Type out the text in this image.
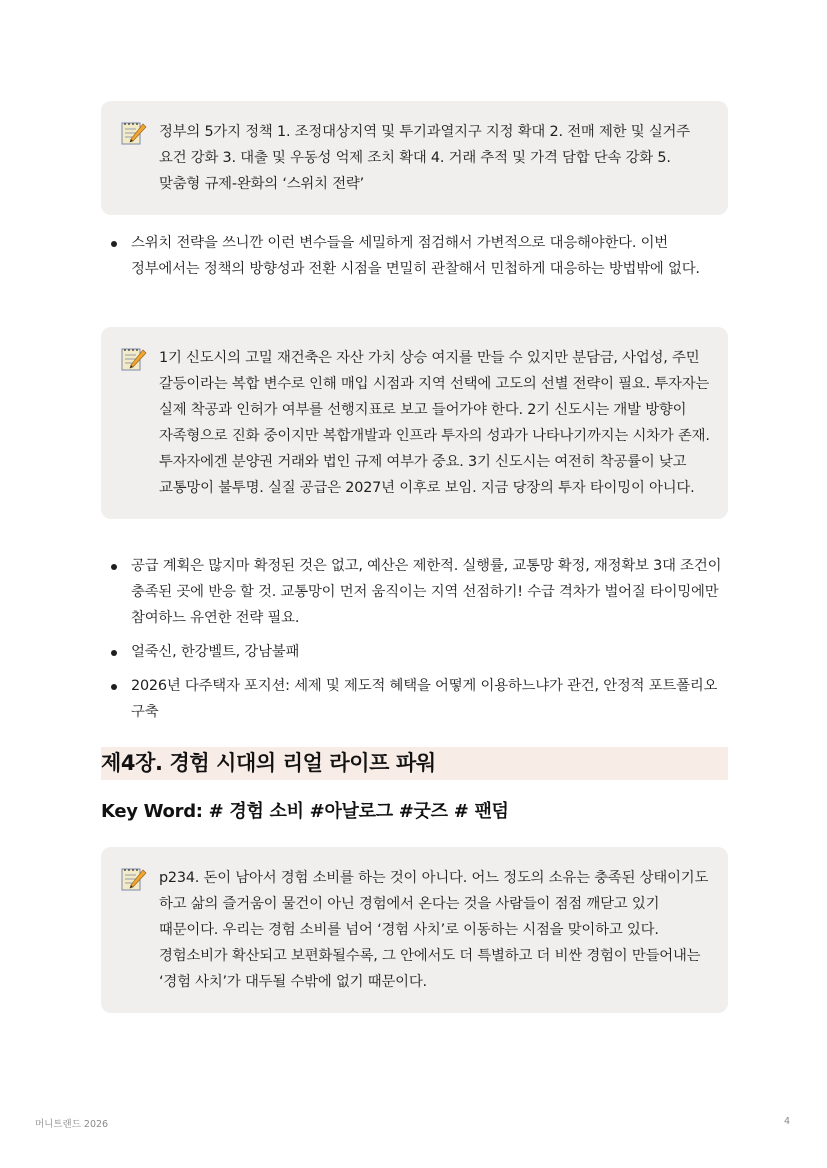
정부의 5가지 정책 1. 조정대상지역 및 투기과열지구 지정 확대 2. 전매 제한 및 실거주 요건 강화 3. 대출 및 우동성 억제 조치 확대 4. 거래 추적 및 가격 담합 단속 강화 5. 맞춤형 규제-완화의 ‘스위치 전략’

스위치 전략을 쓰니깐 이런 변수들을 세밀하게 점검해서 가변적으로 대응해야한다. 이번 정부에서는 정책의 방향성과 전환 시점을 면밀히 관찰해서 민첩하게 대응하는 방법밖에 없다.

1기 신도시의 고밀 재건축은 자산 가치 상승 여지를 만들 수 있지만 분담금, 사업성, 주민 갈등이라는 복합 변수로 인해 매입 시점과 지역 선택에 고도의 선별 전략이 필요. 투자자는 실제 착공과 인허가 여부를 선행지표로 보고 들어가야 한다. 2기 신도시는 개발 방향이 자족형으로 진화 중이지만 복합개발과 인프라 투자의 성과가 나타나기까지는 시차가 존재. 투자자에겐 분양권 거래와 법인 규제 여부가 중요. 3기 신도시는 여전히 착공률이 낮고 교통망이 불투명. 실질 공급은 2027년 이후로 보임. 지금 당장의 투자 타이밍이 아니다.

공급 계획은 많지마 확정된 것은 없고, 예산은 제한적. 실행률, 교통망 확정, 재정확보 3대 조건이 충족된 곳에 반응 할 것. 교통망이 먼저 움직이는 지역 선점하기! 수급 격차가 벌어질 타이밍에만 참여하느 유연한 전략 필요.
얼죽신, 한강벨트, 강남불패
2026년 다주택자 포지션: 세제 및 제도적 혜택을 어떻게 이용하느냐가 관건, 안정적 포트폴리오 구축
제4장. 경험 시대의 리얼 라이프 파워
Key Word: # 경험 소비 #아날로그 #굿즈 # 팬덤

p234. 돈이 남아서 경험 소비를 하는 것이 아니다. 어느 정도의 소유는 충족된 상태이기도 하고 삶의 즐거움이 물건이 아닌 경험에서 온다는 것을 사람들이 점점 깨닫고 있기 때문이다. 우리는 경험 소비를 넘어 ‘경험 사치’로 이동하는 시점을 맞이하고 있다. 경험소비가 확산되고 보편화될수록, 그 안에서도 더 특별하고 더 비싼 경험이 만들어내는 ‘경험 사치’가 대두될 수밖에 없기 때문이다.

머니트랜드 2026	4
